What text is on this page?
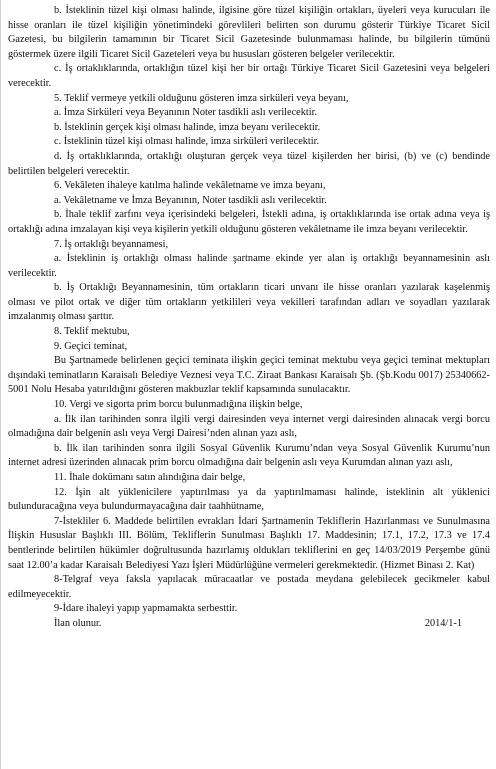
b. İsteklinin tüzel kişi olması halinde, ilgisine göre tüzel kişiliğin ortakları, üyeleri veya kurucuları ile hisse oranları ile tüzel kişiliğin yönetimindeki görevlileri belirten son durumu gösterir Türkiye Ticaret Sicil Gazetesi, bu bilgilerin tamamının bir Ticaret Sicil Gazetesinde bulunmaması halinde, bu bilgilerin tümünü göstermek üzere ilgili Ticaret Sicil Gazeteleri veya bu hususları gösteren belgeler verilecektir.

c. İş ortaklıklarında, ortaklığın tüzel kişi her bir ortağı Türkiye Ticaret Sicil Gazetesini veya belgeleri verecektir.

5. Teklif vermeye yetkili olduğunu gösteren imza sirküleri veya beyanı,

a. İmza Sirküleri veya Beyanının Noter tasdikli aslı verilecektir.

b. İsteklinin gerçek kişi olması halinde, imza beyanı verilecektir.

c. İsteklinin tüzel kişi olması halinde, imza sirküleri verilecektir.

d. İş ortaklıklarında, ortaklığı oluşturan gerçek veya tüzel kişilerden her birisi, (b) ve (c) bendinde belirtilen belgeleri verecektir.

6. Vekâleten ihaleye katılma halinde vekâletname ve imza beyanı,

a. Vekâletname ve İmza Beyanının, Noter tasdikli aslı verilecektir.

b. İhale teklif zarfını veya içerisindeki belgeleri, İstekli adına, iş ortaklıklarında ise ortak adına veya iş ortaklığı adına imzalayan kişi veya kişilerin yetkili olduğunu gösteren vekâletname ile imza beyanı verilecektir.

7. İş ortaklığı beyannamesi,

a. İsteklinin iş ortaklığı olması halinde şartname ekinde yer alan iş ortaklığı beyannamesinin aslı verilecektir.

b. İş Ortaklığı Beyannamesinin, tüm ortakların ticari unvanı ile hisse oranları yazılarak kaşelenmiş olması ve pilot ortak ve diğer tüm ortakların yetkilileri veya vekilleri tarafından adları ve soyadları yazılarak imzalanmış olması şarttır.

8. Teklif mektubu,

9. Geçici teminat,

Bu Şartnamede belirlenen geçici teminata ilişkin geçici teminat mektubu veya geçici teminat mektupları dışındaki teminatların Karaisalı Belediye Veznesi veya T.C. Ziraat Bankası Karaisalı Şb. (Şb.Kodu 0017) 25340662-5001 Nolu Hesaba yatırıldığını gösteren makbuzlar teklif kapsamında sunulacaktır.

10. Vergi ve sigorta prim borcu bulunmadığına ilişkin belge,

a. İlk ilan tarihinden sonra ilgili vergi dairesinden veya internet vergi dairesinden alınacak vergi borcu olmadığına dair belgenin aslı veya Vergi Dairesi’nden alınan yazı aslı,

b. İlk ilan tarihinden sonra ilgili Sosyal Güvenlik Kurumu’ndan veya Sosyal Güvenlik Kurumu’nun internet adresi üzerinden alınacak prim borcu olmadığına dair belgenin aslı veya Kurumdan alınan yazı aslı,

11. İhale dokümanı satın alındığına dair belge,

12. İşin alt yüklenicilere yaptırılması ya da yaptırılmaması halinde, isteklinin alt yüklenici bulunduracağına veya bulundurmayacağına dair taahhütname,

7-İstekliler 6. Maddede belirtilen evrakları İdari Şartnamenin Tekliflerin Hazırlanması ve Sunulmasına İlişkin Hususlar Başlıklı III. Bölüm, Tekliflerin Sunulması Başlıklı 17. Maddesinin; 17.1, 17.2, 17.3 ve 17.4 bentlerinde belirtilen hükümler doğrultusunda hazırlamış oldukları tekliflerini en geç 14/03/2019 Perşembe günü saat 12.00’a kadar Karaisalı Belediyesi Yazı İşleri Müdürlüğüne vermeleri gerekmektedir. (Hizmet Binası 2. Kat)

8-Telgraf veya faksla yapılacak müracaatlar ve postada meydana gelebilecek gecikmeler kabul edilmeyecektir.

9-İdare ihaleyi yapıp yapmamakta serbesttir.

İlan olunur.	2014/1-1
